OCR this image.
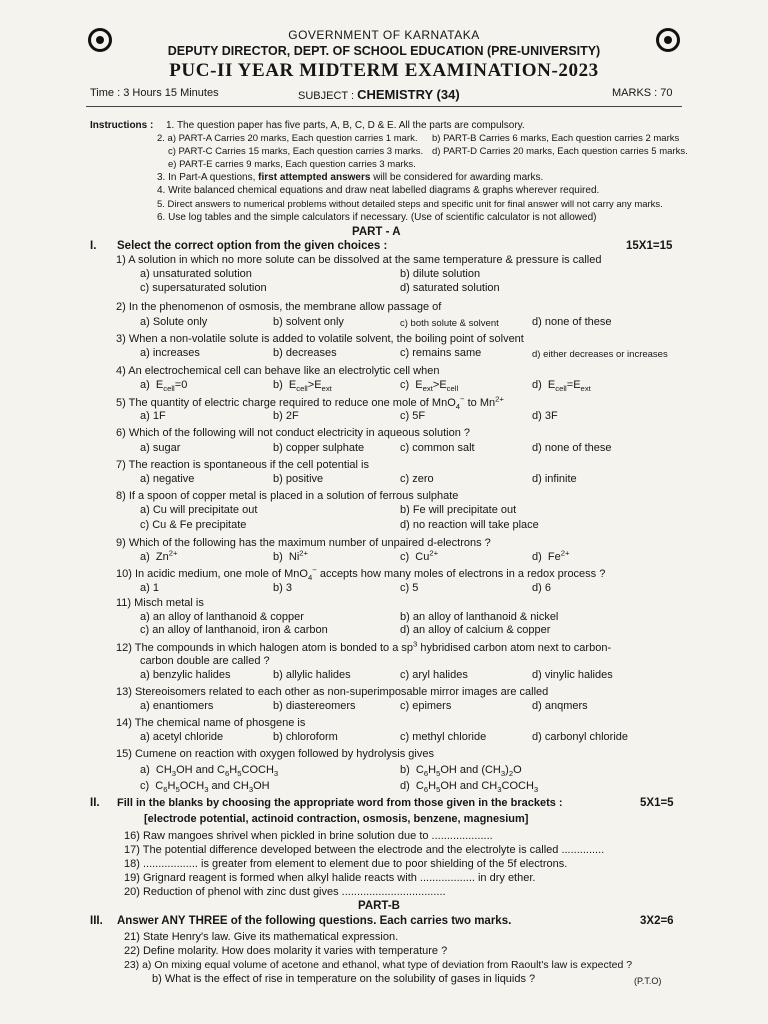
GOVERNMENT OF KARNATAKA
DEPUTY DIRECTOR, DEPT. OF SCHOOL EDUCATION (PRE-UNIVERSITY)
PUC-II YEAR MIDTERM EXAMINATION-2023
Time : 3 Hours 15 Minutes	SUBJECT : CHEMISTRY (34)	MARKS : 70
Instructions : 1. The question paper has five parts, A, B, C, D & E. All the parts are compulsory.
2. a) PART-A Carries 20 marks, Each question carries 1 mark. b) PART-B Carries 6 marks, Each question carries 2 marks
c) PART-C Carries 15 marks, Each question carries 3 marks. d) PART-D Carries 20 marks, Each question carries 5 marks.
e) PART-E carries 9 marks, Each question carries 3 marks.
3. In Part-A questions, first attempted answers will be considered for awarding marks.
4. Write balanced chemical equations and draw neat labelled diagrams & graphs wherever required.
5. Direct answers to numerical problems without detailed steps and specific unit for final answer will not carry any marks.
6. Use log tables and the simple calculators if necessary. (Use of scientific calculator is not allowed)
PART - A
I. Select the correct option from the given choices :	15X1=15
1) A solution in which no more solute can be dissolved at the same temperature & pressure is called
a) unsaturated solution	b) dilute solution
c) supersaturated solution	d) saturated solution
2) In the phenomenon of osmosis, the membrane allow passage of
a) Solute only	b) solvent only	c) both solute & solvent	d) none of these
3) When a non-volatile solute is added to volatile solvent, the boiling point of solvent
a) increases	b) decreases	c) remains same	d) either decreases or increases
4) An electrochemical cell can behave like an electrolytic cell when
a)  $E_{cell}=0$	b)  $E_{cell}>E_{ext}$	c)  $E_{ext}>E_{cell}$	d)  $E_{cell}=E_{ext}$
5) The quantity of electric charge required to reduce one mole of MnO$_4$− to $Mn^{2+}$
a) 1F	b) 2F	c) 5F	d) 3F
6) Which of the following will not conduct electricity in aqueous solution ?
a) sugar	b) copper sulphate	c) common salt	d) none of these
7) The reaction is spontaneous if the cell potential is
a) negative	b) positive	c) zero	d) infinite
8) If a spoon of copper metal is placed in a solution of ferrous sulphate
a) Cu will precipitate out	b) Fe will precipitate out
c) Cu & Fe precipitate	d) no reaction will take place
9) Which of the following has the maximum number of unpaired d-electrons ?
a)  $Zn^{2+}$	b)  $Ni^{2+}$	c)  $Cu^{2+}$	d)  $Fe^{2+}$
10) In acidic medium, one mole of MnO$_4$− accepts how many moles of electrons in a redox process ?
a) 1	b) 3	c) 5	d) 6
11) Misch metal is
a) an alloy of lanthanoid & copper	b) an alloy of lanthanoid & nickel
c) an alloy of lanthanoid, iron & carbon	d) an alloy of calcium & copper
12) The compounds in which halogen atom is bonded to a $sp^3$ hybridised carbon atom next to carbon-
carbon double are called ?
a) benzylic halides	b) allylic halides	c) aryl halides	d) vinylic halides
13) Stereoisomers related to each other as non-superimposable mirror images are called
a) enantiomers	b) diastereomers	c) epimers	d) anqmers
14) The chemical name of phosgene is
a) acetyl chloride	b) chloroform	c) methyl chloride	d) carbonyl chloride
15) Cumene on reaction with oxygen followed by hydrolysis gives
a)  $CH_3OH$ and $C_6H_5COCH_3$	b)  $C_6H_5OH$ and $(CH_3)_2O$
c)  $C_6H_5OCH_3$ and $CH_3OH$	d)  $C_6H_5OH$ and $CH_3COCH_3$
II. Fill in the blanks by choosing the appropriate word from those given in the brackets :	5X1=5
[electrode potential, actinoid contraction, osmosis, benzene, magnesium]
16) Raw mangoes shrivel when pickled in brine solution due to ....................
17) The potential difference developed between the electrode and the electrolyte is called ..............
18) .................. is greater from element to element due to poor shielding of the 5f electrons.
19) Grignard reagent is formed when alkyl halide reacts with .................. in dry ether.
20) Reduction of phenol with zinc dust gives ..................................
PART-B
III. Answer ANY THREE of the following questions. Each carries two marks.	3X2=6
21) State Henry's law. Give its mathematical expression.
22) Define molarity. How does molarity it varies with temperature ?
23) a) On mixing equal volume of acetone and ethanol, what type of deviation from Raoult's law is expected ?
b) What is the effect of rise in temperature on the solubility of gases in liquids ?	(P.T.O)
